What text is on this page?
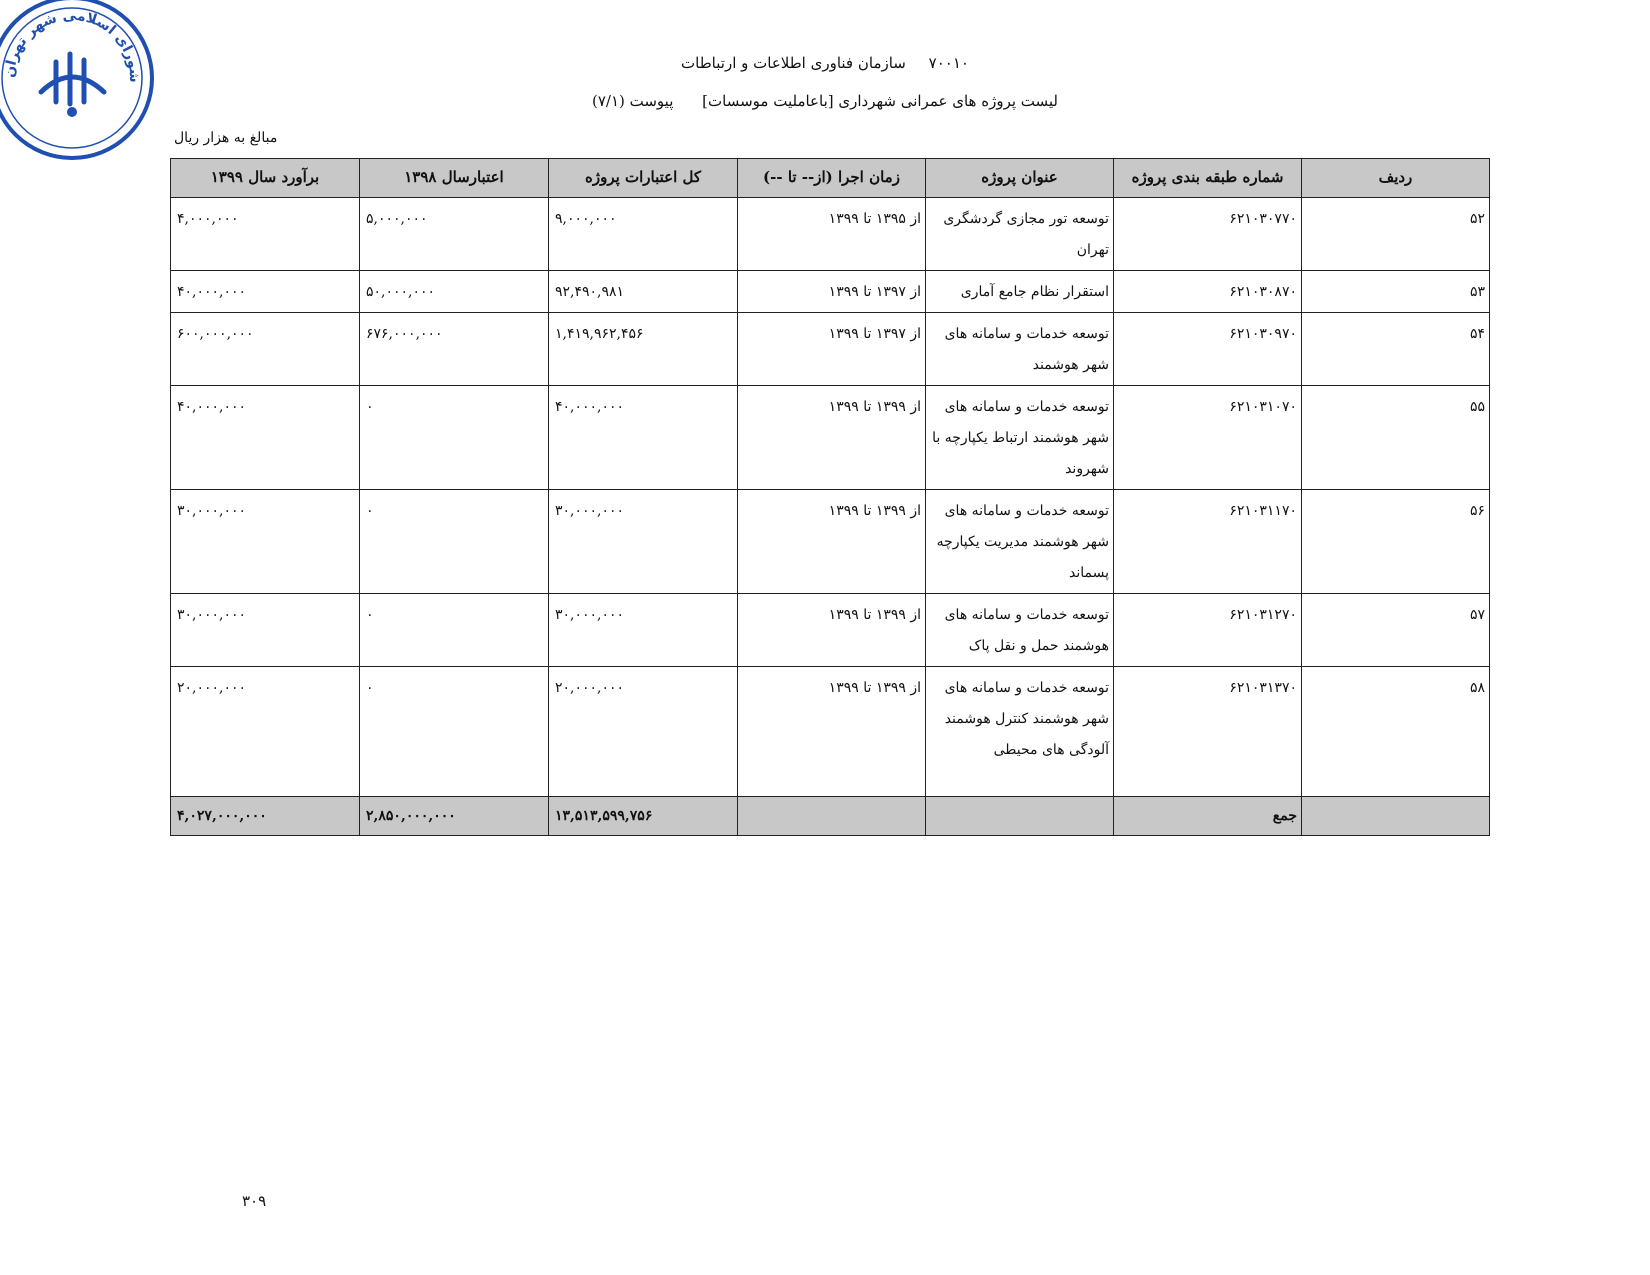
شورای اسلامی شهر تهران
۷۰۰۱۰ سازمان فناوری اطلاعات و ارتباطات
لیست پروژه های عمرانی شهرداری [باعاملیت موسسات] پیوست (۷/۱)
مبالغ به هزار ریال
ردیف	شماره طبقه بندی پروژه	عنوان پروژه	زمان اجرا (از-- تا --)	کل اعتبارات پروژه	اعتبارسال ۱۳۹۸	برآورد سال ۱۳۹۹
۵۲	۶۲۱۰۳۰۷۷۰	توسعه تور مجازی گردشگری تهران	از ۱۳۹۵ تا ۱۳۹۹	۹,۰۰۰,۰۰۰	۵,۰۰۰,۰۰۰	۴,۰۰۰,۰۰۰
۵۳	۶۲۱۰۳۰۸۷۰	استقرار نظام جامع آماری	از ۱۳۹۷ تا ۱۳۹۹	۹۲,۴۹۰,۹۸۱	۵۰,۰۰۰,۰۰۰	۴۰,۰۰۰,۰۰۰
۵۴	۶۲۱۰۳۰۹۷۰	توسعه خدمات و سامانه های شهر هوشمند	از ۱۳۹۷ تا ۱۳۹۹	۱,۴۱۹,۹۶۲,۴۵۶	۶۷۶,۰۰۰,۰۰۰	۶۰۰,۰۰۰,۰۰۰
۵۵	۶۲۱۰۳۱۰۷۰	توسعه خدمات و سامانه های شهر هوشمند ارتباط یکپارچه با شهروند	از ۱۳۹۹ تا ۱۳۹۹	۴۰,۰۰۰,۰۰۰	۰	۴۰,۰۰۰,۰۰۰
۵۶	۶۲۱۰۳۱۱۷۰	توسعه خدمات و سامانه های شهر هوشمند مدیریت یکپارچه پسماند	از ۱۳۹۹ تا ۱۳۹۹	۳۰,۰۰۰,۰۰۰	۰	۳۰,۰۰۰,۰۰۰
۵۷	۶۲۱۰۳۱۲۷۰	توسعه خدمات و سامانه های هوشمند حمل و نقل پاک	از ۱۳۹۹ تا ۱۳۹۹	۳۰,۰۰۰,۰۰۰	۰	۳۰,۰۰۰,۰۰۰
۵۸	۶۲۱۰۳۱۳۷۰	توسعه خدمات و سامانه های شهر هوشمند کنترل هوشمند آلودگی های محیطی	از ۱۳۹۹ تا ۱۳۹۹	۲۰,۰۰۰,۰۰۰	۰	۲۰,۰۰۰,۰۰۰
	جمع			۱۳,۵۱۳,۵۹۹,۷۵۶	۲,۸۵۰,۰۰۰,۰۰۰	۴,۰۲۷,۰۰۰,۰۰۰
۳۰۹
